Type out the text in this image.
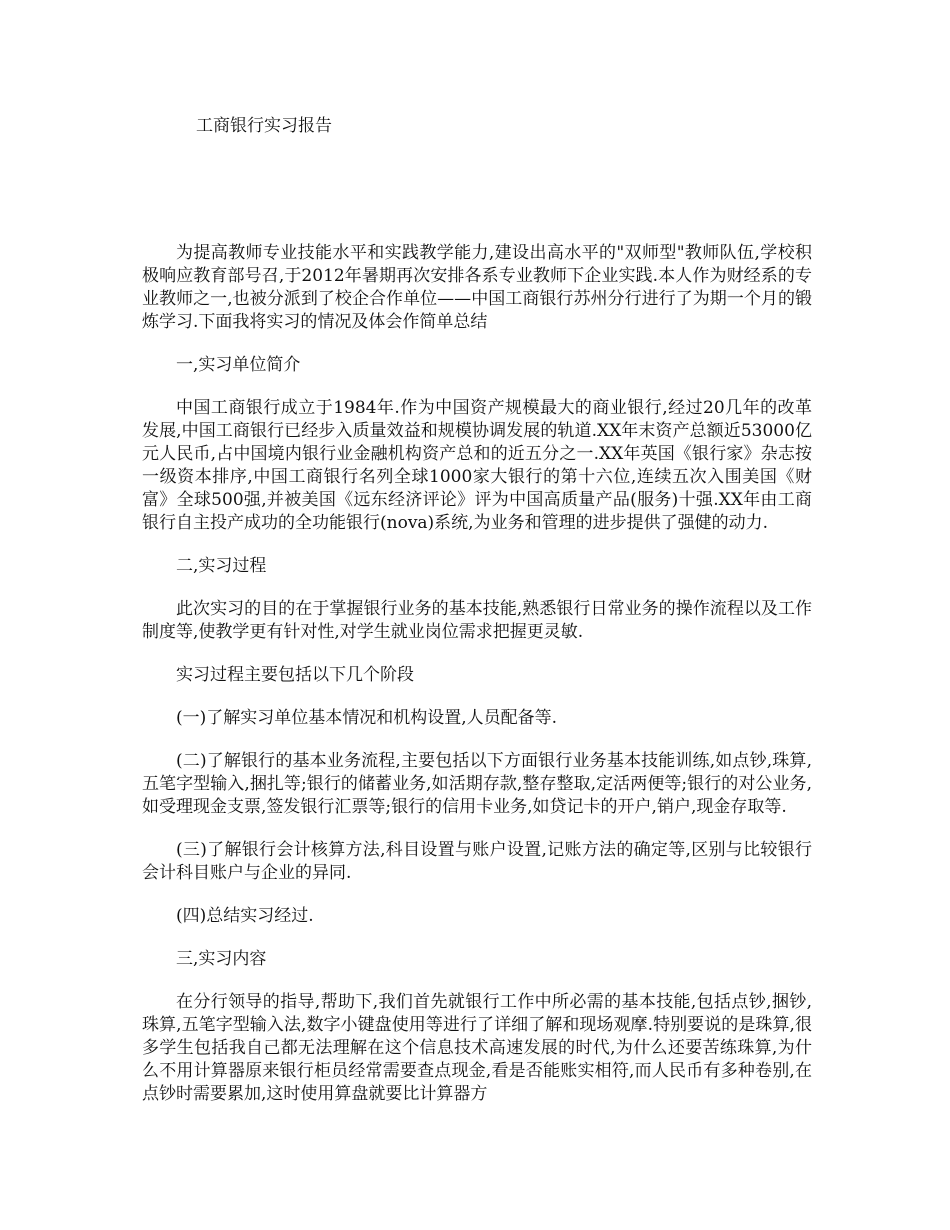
工商银行实习报告

为提高教师专业技能水平和实践教学能力,建设出高水平的"双师型"教师队伍,学校积极响应教育部号召,于2012年暑期再次安排各系专业教师下企业实践.本人作为财经系的专业教师之一,也被分派到了校企合作单位——中国工商银行苏州分行进行了为期一个月的锻炼学习.下面我将实习的情况及体会作简单总结

一,实习单位简介

中国工商银行成立于1984年.作为中国资产规模最大的商业银行,经过20几年的改革发展,中国工商银行已经步入质量效益和规模协调发展的轨道.XX年末资产总额近53000亿元人民币,占中国境内银行业金融机构资产总和的近五分之一.XX年英国《银行家》杂志按一级资本排序,中国工商银行名列全球1000家大银行的第十六位,连续五次入围美国《财富》全球500强,并被美国《远东经济评论》评为中国高质量产品(服务)十强.XX年由工商银行自主投产成功的全功能银行(nova)系统,为业务和管理的进步提供了强健的动力.

二,实习过程

此次实习的目的在于掌握银行业务的基本技能,熟悉银行日常业务的操作流程以及工作制度等,使教学更有针对性,对学生就业岗位需求把握更灵敏.

实习过程主要包括以下几个阶段

(一)了解实习单位基本情况和机构设置,人员配备等.

(二)了解银行的基本业务流程,主要包括以下方面银行业务基本技能训练,如点钞,珠算,五笔字型输入,捆扎等;银行的储蓄业务,如活期存款,整存整取,定活两便等;银行的对公业务,如受理现金支票,签发银行汇票等;银行的信用卡业务,如贷记卡的开户,销户,现金存取等.

(三)了解银行会计核算方法,科目设置与账户设置,记账方法的确定等,区别与比较银行会计科目账户与企业的异同.

(四)总结实习经过.

三,实习内容

在分行领导的指导,帮助下,我们首先就银行工作中所必需的基本技能,包括点钞,捆钞,珠算,五笔字型输入法,数字小键盘使用等进行了详细了解和现场观摩.特别要说的是珠算,很多学生包括我自己都无法理解在这个信息技术高速发展的时代,为什么还要苦练珠算,为什么不用计算器原来银行柜员经常需要查点现金,看是否能账实相符,而人民币有多种卷别,在点钞时需要累加,这时使用算盘就要比计算器方
